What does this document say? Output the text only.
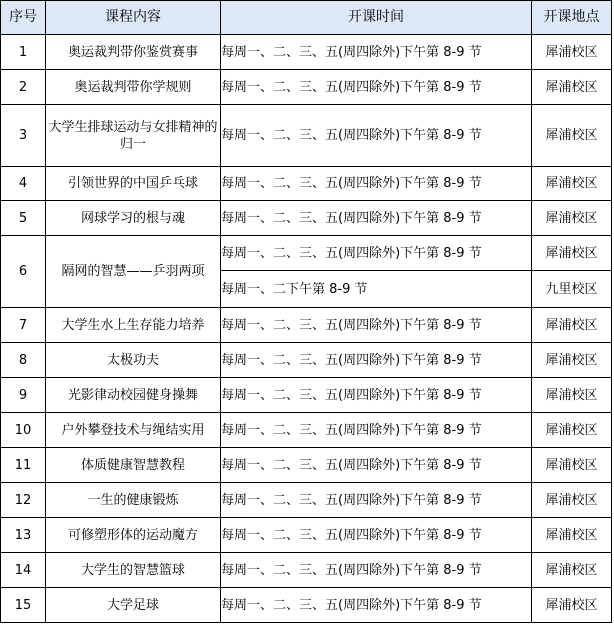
序号	课程内容	开课时间	开课地点
1	奥运裁判带你鉴赏赛事	每周一、二、三、五(周四除外)下午第 8-9 节	犀浦校区
2	奥运裁判带你学规则	每周一、二、三、五(周四除外)下午第 8-9 节	犀浦校区
3	大学生排球运动与女排精神的归一	每周一、二、三、五(周四除外)下午第 8-9 节	犀浦校区
4	引领世界的中国乒乓球	每周一、二、三、五(周四除外)下午第 8-9 节	犀浦校区
5	网球学习的根与魂	每周一、二、三、五(周四除外)下午第 8-9 节	犀浦校区
6	隔网的智慧——乒羽两项	每周一、二、三、五(周四除外)下午第 8-9 节	犀浦校区
		每周一、二下午第 8-9 节	九里校区
7	大学生水上生存能力培养	每周一、二、三、五(周四除外)下午第 8-9 节	犀浦校区
8	太极功夫	每周一、二、三、五(周四除外)下午第 8-9 节	犀浦校区
9	光影律动校园健身操舞	每周一、二、三、五(周四除外)下午第 8-9 节	犀浦校区
10	户外攀登技术与绳结实用	每周一、二、三、五(周四除外)下午第 8-9 节	犀浦校区
11	体质健康智慧教程	每周一、二、三、五(周四除外)下午第 8-9 节	犀浦校区
12	一生的健康锻炼	每周一、二、三、五(周四除外)下午第 8-9 节	犀浦校区
13	可修塑形体的运动魔方	每周一、二、三、五(周四除外)下午第 8-9 节	犀浦校区
14	大学生的智慧篮球	每周一、二、三、五(周四除外)下午第 8-9 节	犀浦校区
15	大学足球	每周一、二、三、五(周四除外)下午第 8-9 节	犀浦校区
